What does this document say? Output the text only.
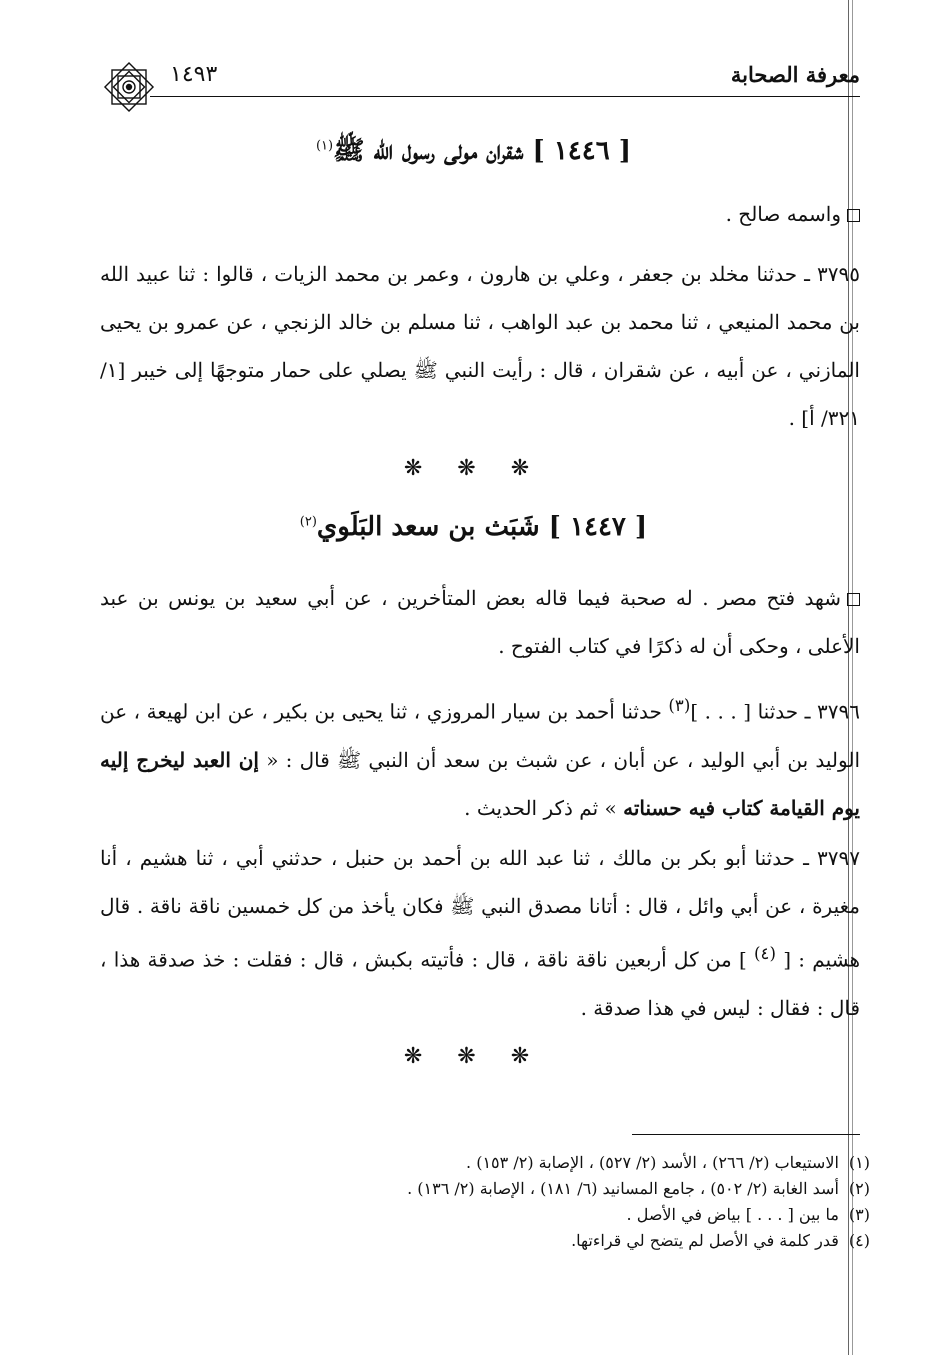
معرفة الصحابة
١٤٩٣
[ ١٤٤٦ ] شقران مولى رسول الله ﷺ$^{(١)}$
واسمه صالح .
٣٧٩٥ ـ حدثنا مخلد بن جعفر ، وعلي بن هارون ، وعمر بن محمد الزيات ، قالوا : ثنا عبيد الله بن محمد المنيعي ، ثنا محمد بن عبد الواهب ، ثنا مسلم بن خالد الزنجي ، عن عمرو بن يحيى المازني ، عن أبيه ، عن شقران ، قال : رأيت النبي ﷺ يصلي على حمار متوجهًا إلى خيبر [١/ ٣٢١/ أ] .
❋ ❋ ❋
[ ١٤٤٧ ] شَبَث بن سعد البَلَوي$^{(٢)}$
شهد فتح مصر . له صحبة فيما قاله بعض المتأخرين ، عن أبي سعيد بن يونس بن عبد الأعلى ، وحكى أن له ذكرًا في كتاب الفتوح .
٣٧٩٦ ـ حدثنا [ . . . ]$^{(٣)}$ حدثنا أحمد بن سيار المروزي ، ثنا يحيى بن بكير ، عن ابن لهيعة ، عن الوليد بن أبي الوليد ، عن أبان ، عن شبث بن سعد أن النبي ﷺ قال : « إن العبد ليخرج إليه يوم القيامة كتاب فيه حسناته » ثم ذكر الحديث .
٣٧٩٧ ـ حدثنا أبو بكر بن مالك ، ثنا عبد الله بن أحمد بن حنبل ، حدثني أبي ، ثنا هشيم ، أنا مغيرة ، عن أبي وائل ، قال : أتانا مصدق النبي ﷺ فكان يأخذ من كل خمسين ناقة ناقة . قال هشيم : [ $^{(٤)}$ ] من كل أربعين ناقة ناقة ، قال : فأتيته بكبش ، قال : فقلت : خذ صدقة هذا ، قال : فقال : ليس في هذا صدقة .
❋ ❋ ❋
(١) الاستيعاب (٢/ ٢٦٦) ، الأسد (٢/ ٥٢٧) ، الإصابة (٢/ ١٥٣) .
(٢) أسد الغابة (٢/ ٥٠٢) ، جامع المسانيد (٦/ ١٨١) ، الإصابة (٢/ ١٣٦) .
(٣) ما بين [ . . . ] بياض في الأصل .
(٤) قدر كلمة في الأصل لم يتضح لي قراءتها.
